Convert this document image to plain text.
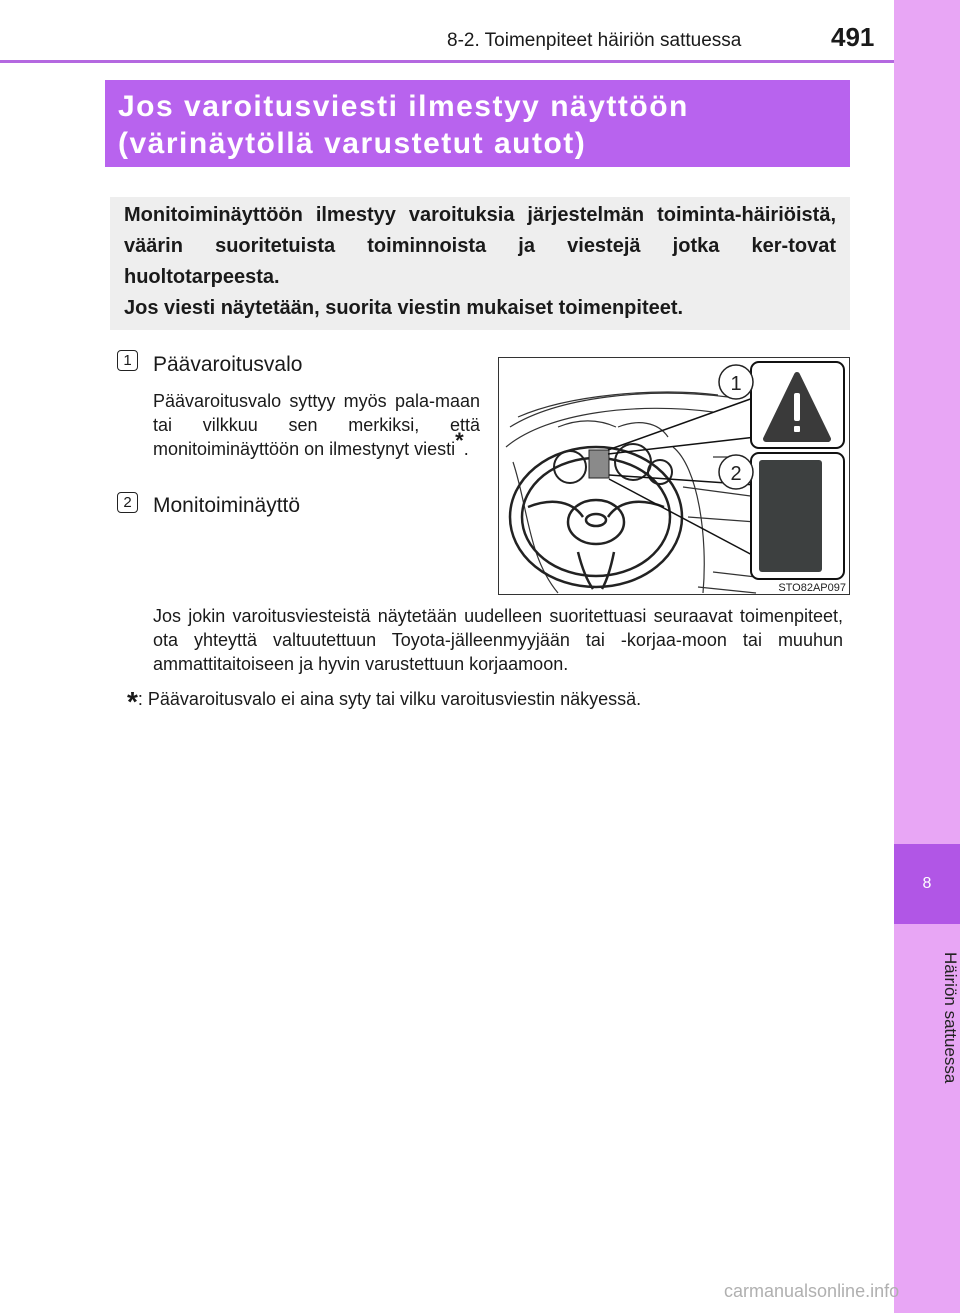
8
Häiriön sattuessa
8-2. Toimenpiteet häiriön sattuessa	491
Jos varoitusviesti ilmestyy näyttöön
(värinäytöllä varustetut autot)
Monitoiminäyttöön ilmestyy varoituksia järjestelmän toiminta-häiriöistä, väärin suoritetuista toiminnoista ja viestejä jotka ker-tovat huoltotarpeesta.
Jos viesti näytetään, suorita viestin mukaiset toimenpiteet.
1	Päävaroitusvalo
Päävaroitusvalo syttyy myös pala-maan tai vilkkuu sen merkiksi, että monitoiminäyttöön on ilmestynyt viesti*.
2	Monitoiminäyttö
1
2
STO82AP097
Jos jokin varoitusviesteistä näytetään uudelleen suoritettuasi seuraavat toimenpiteet, ota yhteyttä valtuutettuun Toyota-jälleenmyyjään tai -korjaa-moon tai muuhun ammattitaitoiseen ja hyvin varustettuun korjaamoon.
*: Päävaroitusvalo ei aina syty tai vilku varoitusviestin näkyessä.
carmanualsonline.info
